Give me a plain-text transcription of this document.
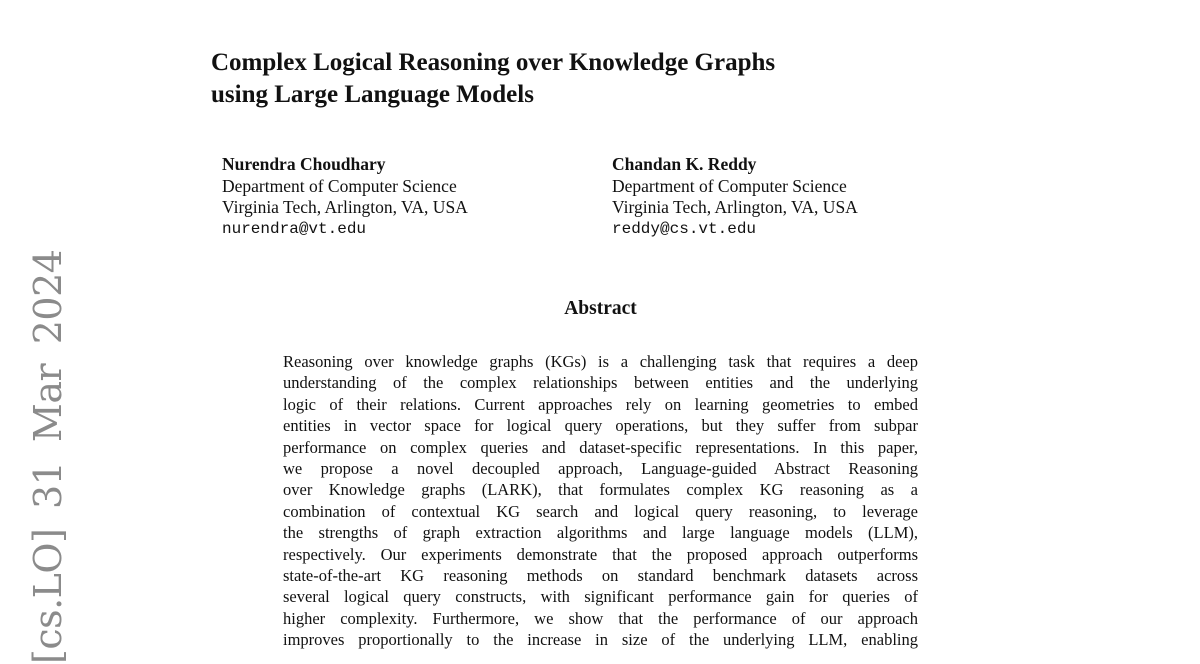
[cs.LO] 31 Mar 2024
Complex Logical Reasoning over Knowledge Graphs
using Large Language Models
Nurendra Choudhary
Department of Computer Science
Virginia Tech, Arlington, VA, USA
nurendra@vt.edu
Chandan K. Reddy
Department of Computer Science
Virginia Tech, Arlington, VA, USA
reddy@cs.vt.edu
Abstract
Reasoning over knowledge graphs (KGs) is a challenging task that requires a deep
understanding of the complex relationships between entities and the underlying
logic of their relations. Current approaches rely on learning geometries to embed
entities in vector space for logical query operations, but they suffer from subpar
performance on complex queries and dataset-specific representations. In this paper,
we propose a novel decoupled approach, Language-guided Abstract Reasoning
over Knowledge graphs (LARK), that formulates complex KG reasoning as a
combination of contextual KG search and logical query reasoning, to leverage
the strengths of graph extraction algorithms and large language models (LLM),
respectively. Our experiments demonstrate that the proposed approach outperforms
state-of-the-art KG reasoning methods on standard benchmark datasets across
several logical query constructs, with significant performance gain for queries of
higher complexity. Furthermore, we show that the performance of our approach
improves proportionally to the increase in size of the underlying LLM, enabling
